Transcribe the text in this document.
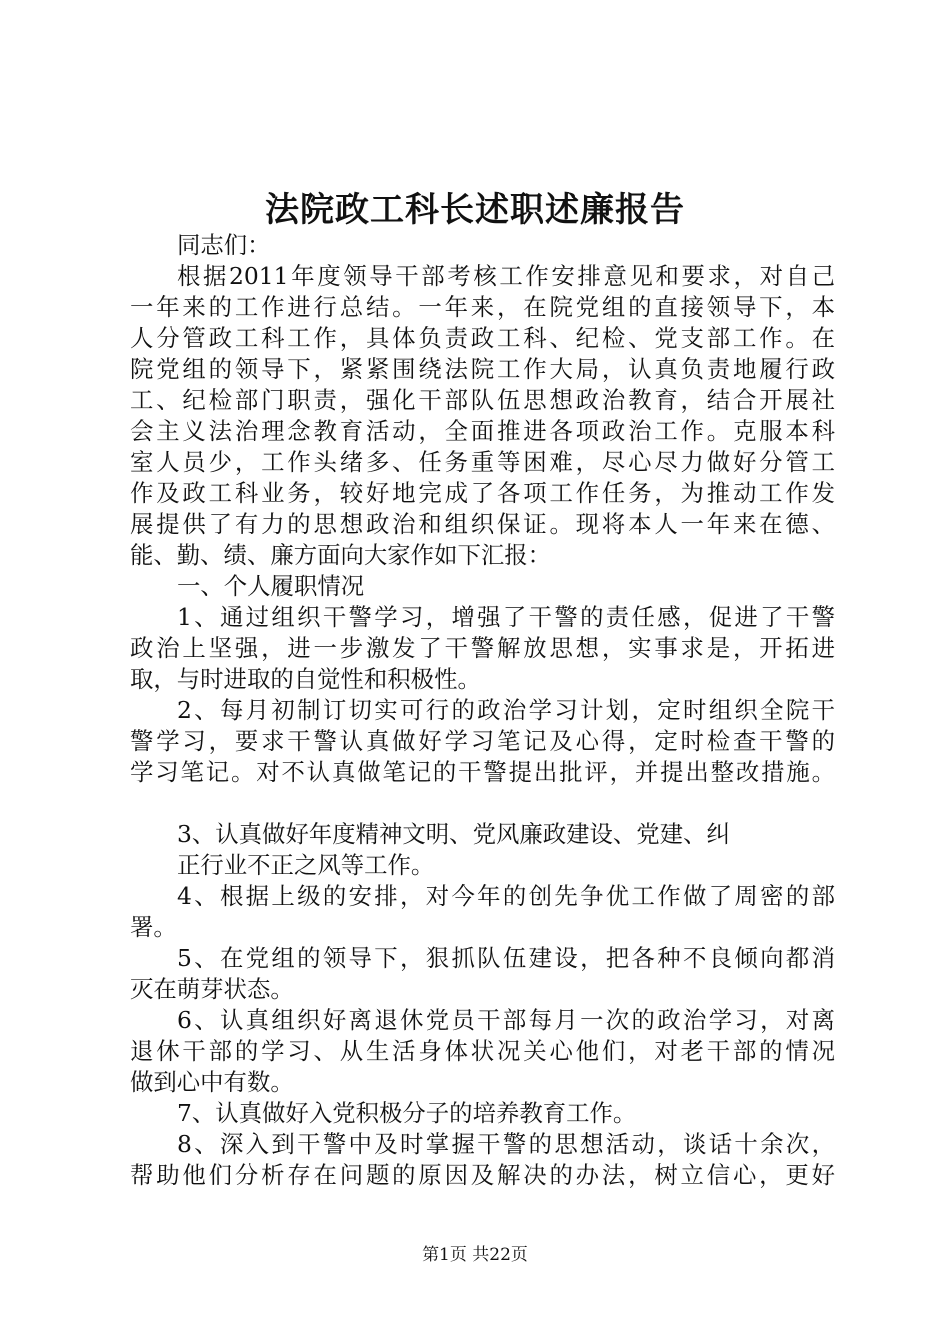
法院政工科长述职述廉报告
同志们：
根据2011年度领导干部考核工作安排意见和要求，对自己
一年来的工作进行总结。一年来，在院党组的直接领导下，本
人分管政工科工作，具体负责政工科、纪检、党支部工作。在
院党组的领导下，紧紧围绕法院工作大局，认真负责地履行政
工、纪检部门职责，强化干部队伍思想政治教育，结合开展社
会主义法治理念教育活动，全面推进各项政治工作。克服本科
室人员少，工作头绪多、任务重等困难，尽心尽力做好分管工
作及政工科业务，较好地完成了各项工作任务，为推动工作发
展提供了有力的思想政治和组织保证。现将本人一年来在德、
能、勤、绩、廉方面向大家作如下汇报：
一、个人履职情况
1、通过组织干警学习，增强了干警的责任感，促进了干警
政治上坚强，进一步激发了干警解放思想，实事求是，开拓进
取，与时进取的自觉性和积极性。
2、每月初制订切实可行的政治学习计划，定时组织全院干
警学习，要求干警认真做好学习笔记及心得，定时检查干警的
学习笔记。对不认真做笔记的干警提出批评，并提出整改措施。
3、认真做好年度精神文明、党风廉政建设、党建、纠
正行业不正之风等工作。
4、根据上级的安排，对今年的创先争优工作做了周密的部
署。
5、在党组的领导下，狠抓队伍建设，把各种不良倾向都消
灭在萌芽状态。
6、认真组织好离退休党员干部每月一次的政治学习，对离
退休干部的学习、从生活身体状况关心他们，对老干部的情况
做到心中有数。
7、认真做好入党积极分子的培养教育工作。
8、深入到干警中及时掌握干警的思想活动，谈话十余次，
帮助他们分析存在问题的原因及解决的办法，树立信心，更好
第1页 共22页
